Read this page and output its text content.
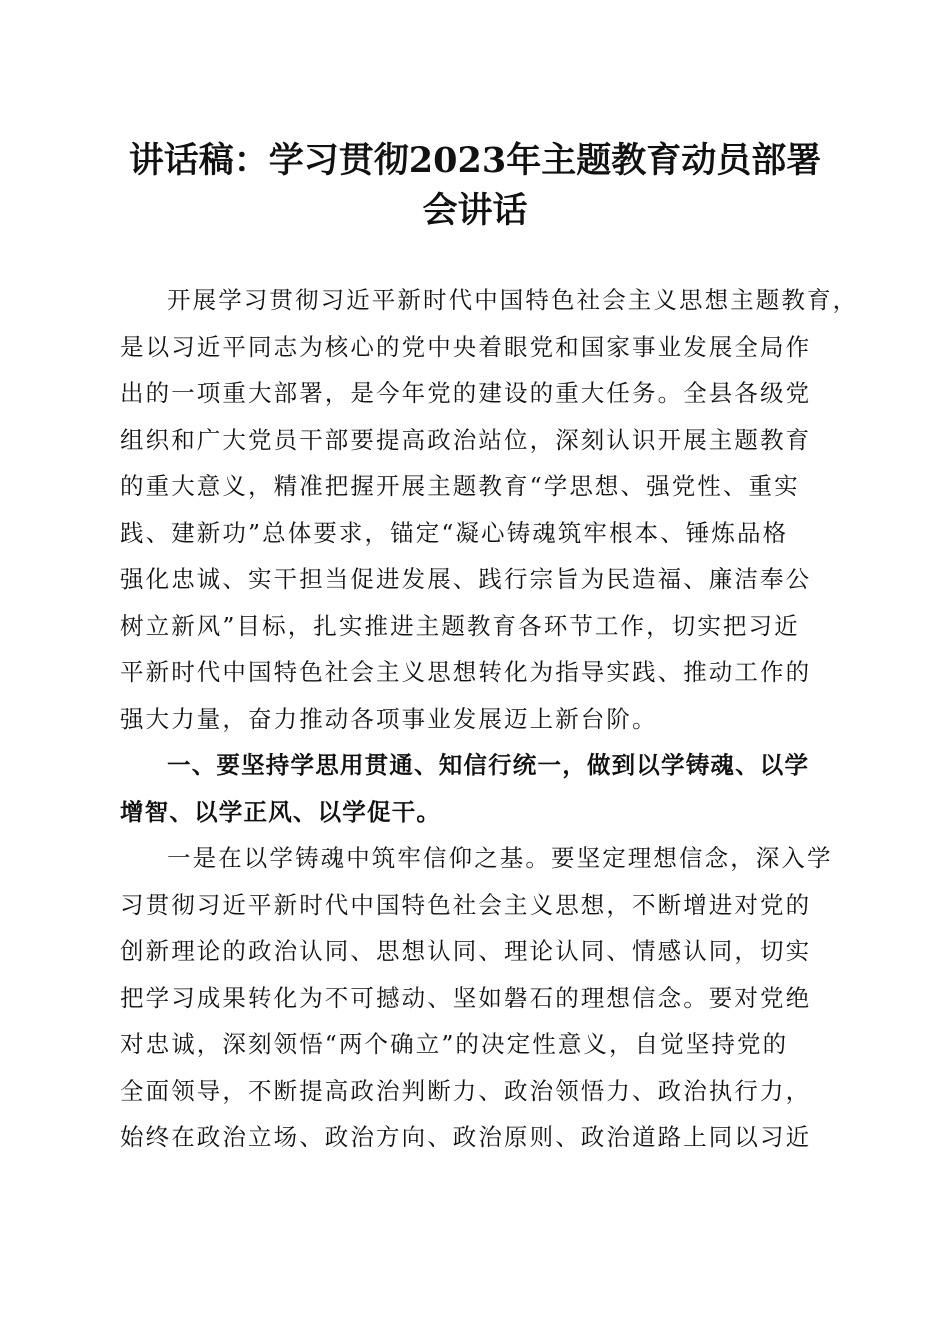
讲话稿：学习贯彻2023年主题教育动员部署
会讲话
开展学习贯彻习近平新时代中国特色社会主义思想主题教育，
是以习近平同志为核心的党中央着眼党和国家事业发展全局作
出的一项重大部署，是今年党的建设的重大任务。全县各级党
组织和广大党员干部要提高政治站位，深刻认识开展主题教育
的重大意义，精准把握开展主题教育“学思想、强党性、重实
践、建新功”总体要求，锚定“凝心铸魂筑牢根本、锤炼品格
强化忠诚、实干担当促进发展、践行宗旨为民造福、廉洁奉公
树立新风”目标，扎实推进主题教育各环节工作，切实把习近
平新时代中国特色社会主义思想转化为指导实践、推动工作的
强大力量，奋力推动各项事业发展迈上新台阶。
一、要坚持学思用贯通、知信行统一，做到以学铸魂、以学
增智、以学正风、以学促干。
一是在以学铸魂中筑牢信仰之基。要坚定理想信念，深入学
习贯彻习近平新时代中国特色社会主义思想，不断增进对党的
创新理论的政治认同、思想认同、理论认同、情感认同，切实
把学习成果转化为不可撼动、坚如磐石的理想信念。要对党绝
对忠诚，深刻领悟“两个确立”的决定性意义，自觉坚持党的
全面领导，不断提高政治判断力、政治领悟力、政治执行力，
始终在政治立场、政治方向、政治原则、政治道路上同以习近
